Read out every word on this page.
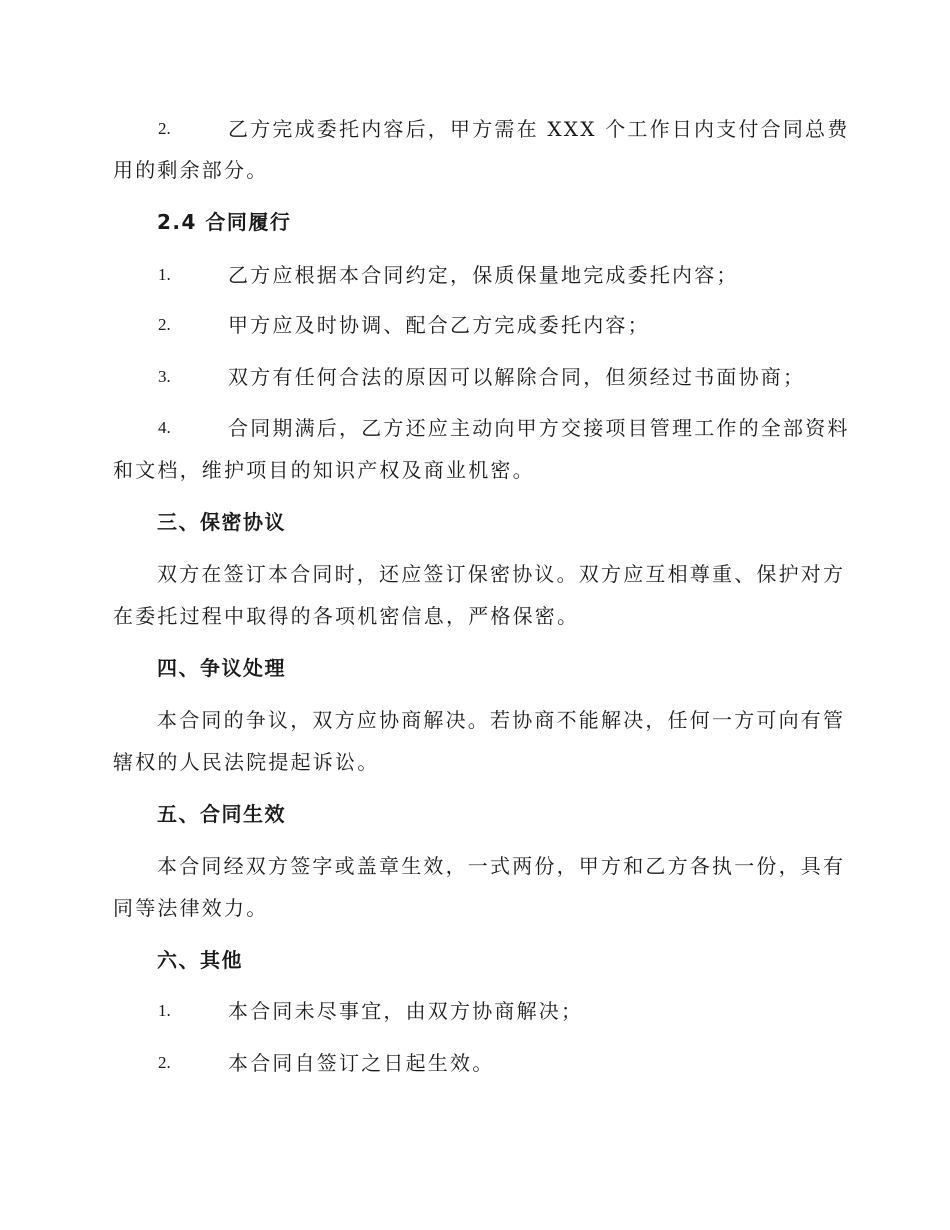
2.	乙方完成委托内容后，甲方需在 XXX 个工作日内支付合同总费
用的剩余部分。
2.4 合同履行
1.	乙方应根据本合同约定，保质保量地完成委托内容；
2.	甲方应及时协调、配合乙方完成委托内容；
3.	双方有任何合法的原因可以解除合同，但须经过书面协商；
4.	合同期满后，乙方还应主动向甲方交接项目管理工作的全部资料
和文档，维护项目的知识产权及商业机密。
三、保密协议
双方在签订本合同时，还应签订保密协议。双方应互相尊重、保护对方
在委托过程中取得的各项机密信息，严格保密。
四、争议处理
本合同的争议，双方应协商解决。若协商不能解决，任何一方可向有管
辖权的人民法院提起诉讼。
五、合同生效
本合同经双方签字或盖章生效，一式两份，甲方和乙方各执一份，具有
同等法律效力。
六、其他
1.	本合同未尽事宜，由双方协商解决；
2.	本合同自签订之日起生效。
